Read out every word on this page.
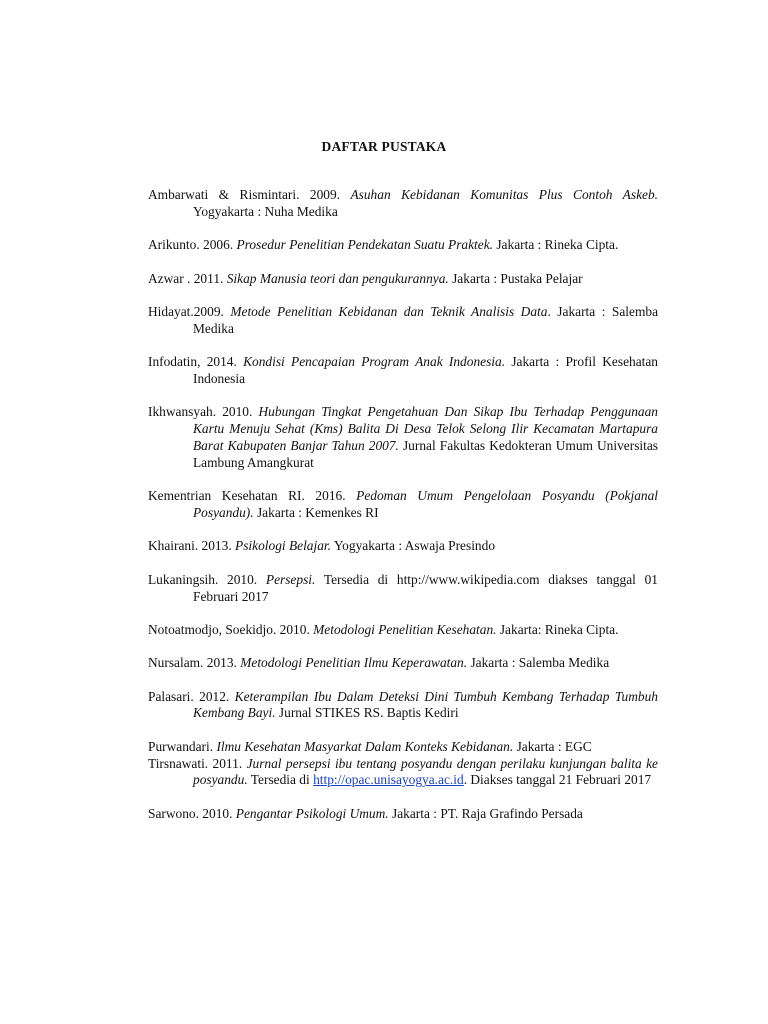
DAFTAR PUSTAKA

Ambarwati & Rismintari. 2009. Asuhan Kebidanan Komunitas Plus Contoh Askeb. Yogyakarta : Nuha Medika

Arikunto. 2006. Prosedur Penelitian Pendekatan Suatu Praktek. Jakarta : Rineka Cipta.

Azwar . 2011. Sikap Manusia teori dan pengukurannya. Jakarta : Pustaka Pelajar

Hidayat.2009. Metode Penelitian Kebidanan dan Teknik Analisis Data. Jakarta : Salemba Medika

Infodatin, 2014. Kondisi Pencapaian Program Anak Indonesia. Jakarta : Profil Kesehatan Indonesia

Ikhwansyah. 2010. Hubungan Tingkat Pengetahuan Dan Sikap Ibu Terhadap Penggunaan Kartu Menuju Sehat (Kms) Balita Di Desa Telok Selong Ilir Kecamatan Martapura Barat Kabupaten Banjar Tahun 2007. Jurnal Fakultas Kedokteran Umum Universitas Lambung Amangkurat

Kementrian Kesehatan RI. 2016. Pedoman Umum Pengelolaan Posyandu (Pokjanal Posyandu). Jakarta : Kemenkes RI

Khairani. 2013. Psikologi Belajar. Yogyakarta : Aswaja Presindo

Lukaningsih. 2010. Persepsi. Tersedia di http://www.wikipedia.com diakses tanggal 01 Februari 2017

Notoatmodjo, Soekidjo. 2010. Metodologi Penelitian Kesehatan. Jakarta: Rineka Cipta.

Nursalam. 2013. Metodologi Penelitian Ilmu Keperawatan. Jakarta : Salemba Medika

Palasari. 2012. Keterampilan Ibu Dalam Deteksi Dini Tumbuh Kembang Terhadap Tumbuh Kembang Bayi. Jurnal STIKES RS. Baptis Kediri

Purwandari. Ilmu Kesehatan Masyarkat Dalam Konteks Kebidanan. Jakarta : EGC

Tirsnawati. 2011. Jurnal persepsi ibu tentang posyandu dengan perilaku kunjungan balita ke posyandu. Tersedia di http://opac.unisayogya.ac.id. Diakses tanggal 21 Februari 2017

Sarwono. 2010. Pengantar Psikologi Umum. Jakarta : PT. Raja Grafindo Persada
